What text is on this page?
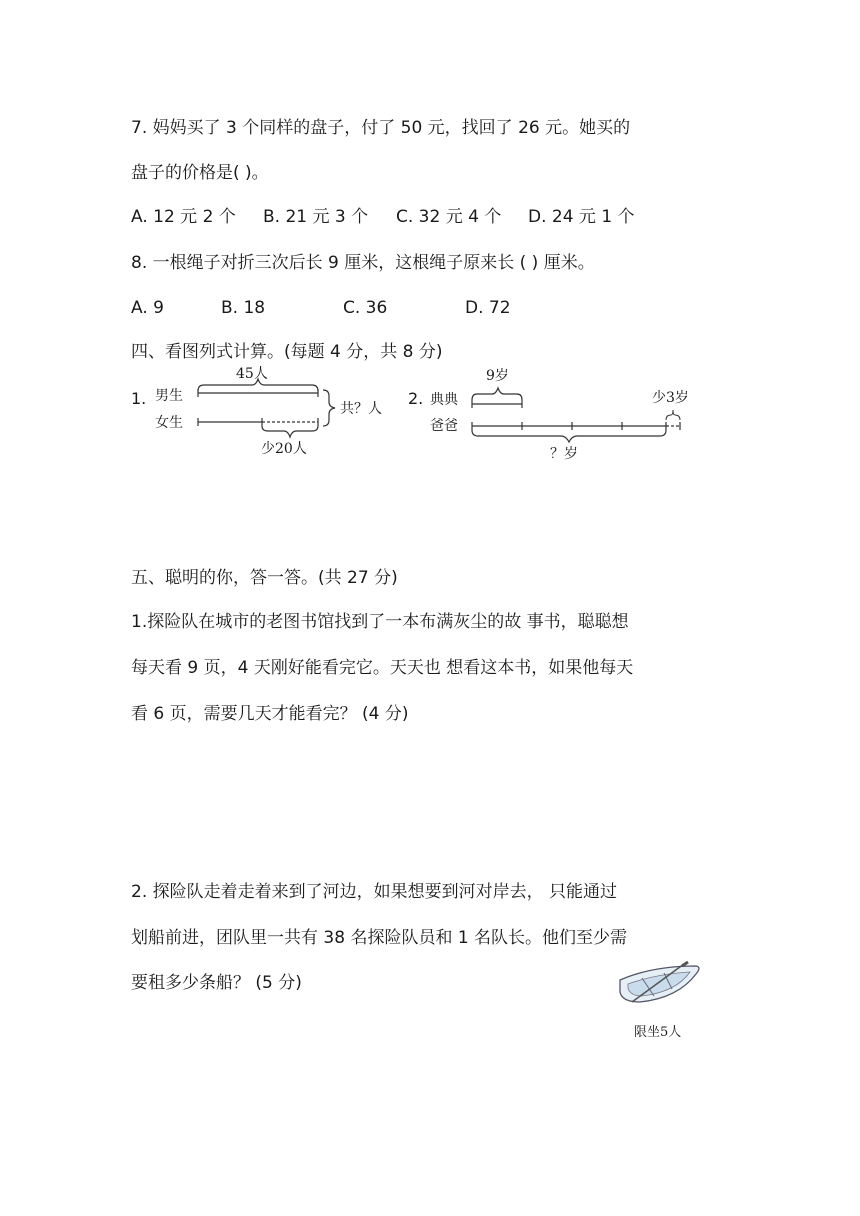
7. 妈妈买了 3 个同样的盘子，付了 50 元，找回了 26 元。她买的
盘子的价格是( )。
A. 12 元 2 个 B. 21 元 3 个 C. 32 元 4 个 D. 24 元 1 个
8. 一根绳子对折三次后长 9 厘米，这根绳子原来长 ( ) 厘米。
A. 9	B. 18	C. 36	D. 72
四、看图列式计算。(每题 4 分，共 8 分)
1. 男生
女生
45人
少20人
共？人
2. 典典
爸爸
9岁
少3岁
？岁
五、聪明的你，答一答。(共 27 分)
1.探险队在城市的老图书馆找到了一本布满灰尘的故 事书，聪聪想
每天看 9 页，4 天刚好能看完它。天天也 想看这本书，如果他每天
看 6 页，需要几天才能看完？ (4 分)
2. 探险队走着走着来到了河边，如果想要到河对岸去， 只能通过
划船前进，团队里一共有 38 名探险队员和 1 名队长。他们至少需
要租多少条船？ (5 分)
限坐5人
